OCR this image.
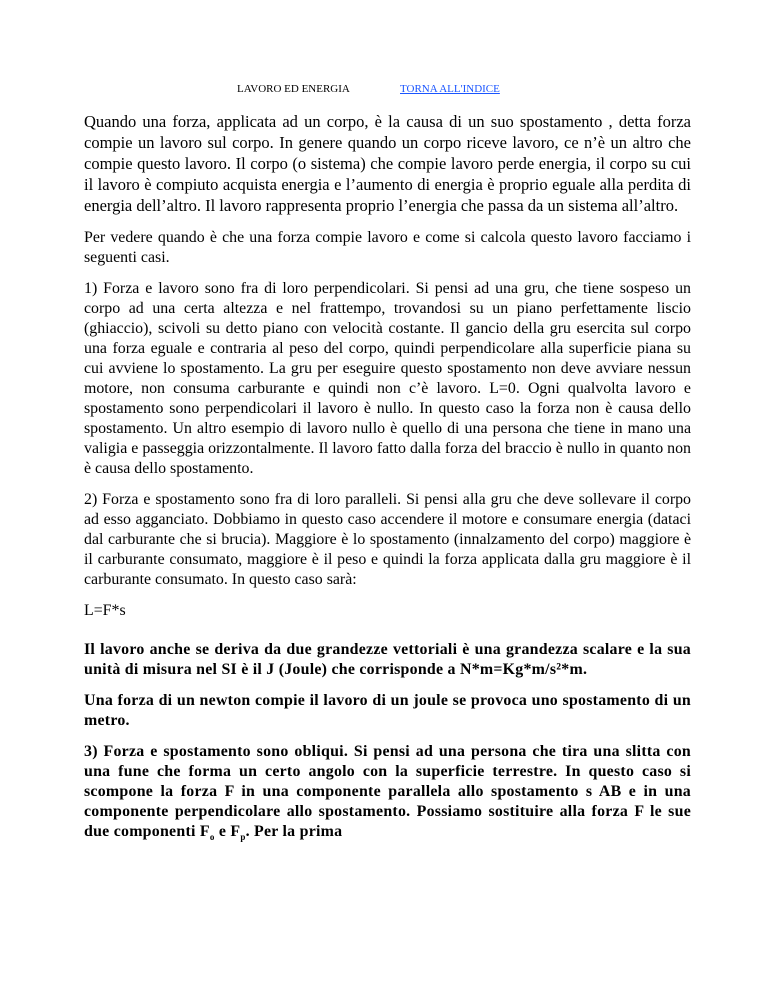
LAVORO ED ENERGIA	TORNA ALL'INDICE

Quando una forza, applicata ad un corpo, è la causa di un suo spostamento , detta forza compie un lavoro sul corpo. In genere quando un corpo riceve lavoro, ce n’è un altro che compie questo lavoro. Il corpo (o sistema) che compie lavoro perde energia, il corpo su cui il lavoro è compiuto acquista energia e l’aumento di energia è proprio eguale alla perdita di energia dell’altro. Il lavoro rappresenta proprio l’energia che passa da un sistema all’altro.

Per vedere quando è che una forza compie lavoro e come si calcola questo lavoro facciamo i seguenti casi.

1) Forza e lavoro sono fra di loro perpendicolari. Si pensi ad una gru, che tiene sospeso un corpo ad una certa altezza e nel frattempo, trovandosi su un piano perfettamente liscio (ghiaccio), scivoli su detto piano con velocità costante. Il gancio della gru esercita sul corpo una forza eguale e contraria al peso del corpo, quindi perpendicolare alla superficie piana su cui avviene lo spostamento. La gru per eseguire questo spostamento non deve avviare nessun motore, non consuma carburante e quindi non c’è lavoro. L=0. Ogni qualvolta lavoro e spostamento sono perpendicolari il lavoro è nullo. In questo caso la forza non è causa dello spostamento. Un altro esempio di lavoro nullo è quello di una persona che tiene in mano una valigia e passeggia orizzontalmente. Il lavoro fatto dalla forza del braccio è nullo in quanto non è causa dello spostamento.

2) Forza e spostamento sono fra di loro paralleli. Si pensi alla gru che deve sollevare il corpo ad esso agganciato. Dobbiamo in questo caso accendere il motore e consumare energia (dataci dal carburante che si brucia). Maggiore è lo spostamento (innalzamento del corpo) maggiore è il carburante consumato, maggiore è il peso e quindi la forza applicata dalla gru maggiore è il carburante consumato. In questo caso sarà:

L=F*s

Il lavoro anche se deriva da due grandezze vettoriali è una grandezza scalare e la sua unità di misura nel SI è il J (Joule) che corrisponde a N*m=Kg*m/s²*m.

Una forza di un newton compie il lavoro di un joule se provoca uno spostamento di un metro.

3) Forza e spostamento sono obliqui. Si pensi ad una persona che tira una slitta con una fune che forma un certo angolo con la superficie terrestre. In questo caso si scompone la forza F in una componente parallela allo spostamento s AB e in una componente perpendicolare allo spostamento. Possiamo sostituire alla forza F le sue due componenti $F_o$ e $F_p$. Per la prima
